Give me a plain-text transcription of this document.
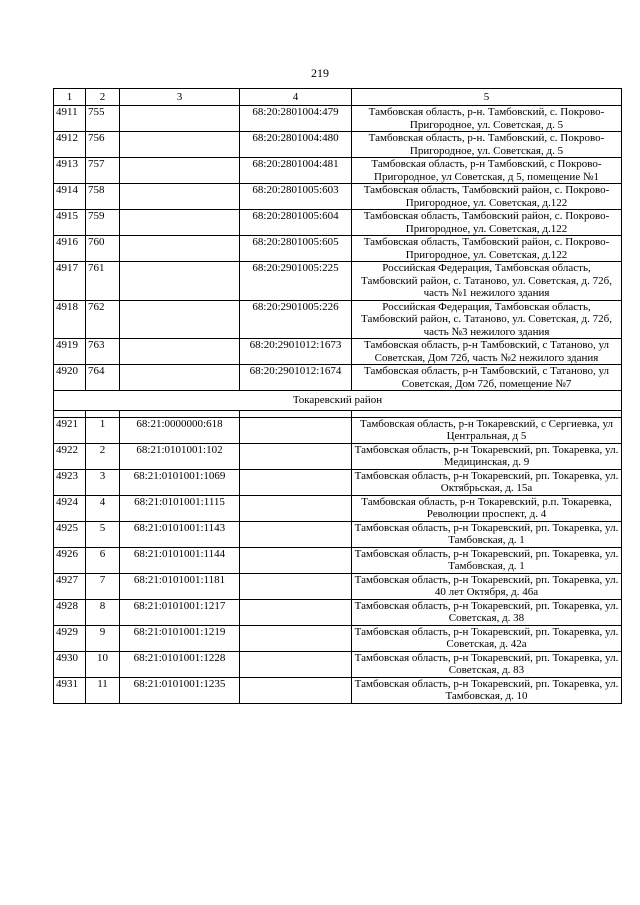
219
1	2	3	4	5
4911	755		68:20:2801004:479	Тамбовская область, р-н. Тамбовский, с. Покрово-Пригородное, ул. Советская, д. 5
4912	756		68:20:2801004:480	Тамбовская область, р-н. Тамбовский, с. Покрово-Пригородное, ул. Советская, д. 5
4913	757		68:20:2801004:481	Тамбовская область, р-н Тамбовский, с Покрово-Пригородное, ул Советская, д 5, помещение №1
4914	758		68:20:2801005:603	Тамбовская область, Тамбовский район, с. Покрово-Пригородное, ул. Советская, д.122
4915	759		68:20:2801005:604	Тамбовская область, Тамбовский район, с. Покрово-Пригородное, ул. Советская, д.122
4916	760		68:20:2801005:605	Тамбовская область, Тамбовский район, с. Покрово-Пригородное, ул. Советская, д.122
4917	761		68:20:2901005:225	Российская Федерация, Тамбовская область, Тамбовский район, с. Татаново, ул. Советская, д. 72б, часть №1 нежилого здания
4918	762		68:20:2901005:226	Российская Федерация, Тамбовская область, Тамбовский район, с. Татаново, ул. Советская, д. 72б, часть №3 нежилого здания
4919	763		68:20:2901012:1673	Тамбовская область, р-н Тамбовский, с Татаново, ул Советская, Дом 72б, часть №2 нежилого здания
4920	764		68:20:2901012:1674	Тамбовская область, р-н Тамбовский, с Татаново, ул Советская, Дом 72б, помещение №7
Токаревский район				

4921	1	68:21:0000000:618		Тамбовская область, р-н Токаревский, с Сергиевка, ул Центральная, д 5
4922	2	68:21:0101001:102		Тамбовская область, р-н Токаревский, рп. Токаревка, ул. Медицинская, д. 9
4923	3	68:21:0101001:1069		Тамбовская область, р-н Токаревский, рп. Токаревка, ул. Октябрьская, д. 15а
4924	4	68:21:0101001:1115		Тамбовская область, р-н Токаревский, р.п. Токаревка, Революции проспект, д. 4
4925	5	68:21:0101001:1143		Тамбовская область, р-н Токаревский, рп. Токаревка, ул. Тамбовская, д. 1
4926	6	68:21:0101001:1144		Тамбовская область, р-н Токаревский, рп. Токаревка, ул. Тамбовская, д. 1
4927	7	68:21:0101001:1181		Тамбовская область, р-н Токаревский, рп. Токаревка, ул. 40 лет Октября, д. 46а
4928	8	68:21:0101001:1217		Тамбовская область, р-н Токаревский, рп. Токаревка, ул. Советская, д. 38
4929	9	68:21:0101001:1219		Тамбовская область, р-н Токаревский, рп. Токаревка, ул. Советская, д. 42а
4930	10	68:21:0101001:1228		Тамбовская область, р-н Токаревский, рп. Токаревка, ул. Советская, д. 83
4931	11	68:21:0101001:1235		Тамбовская область, р-н Токаревский, рп. Токаревка, ул. Тамбовская, д. 10
